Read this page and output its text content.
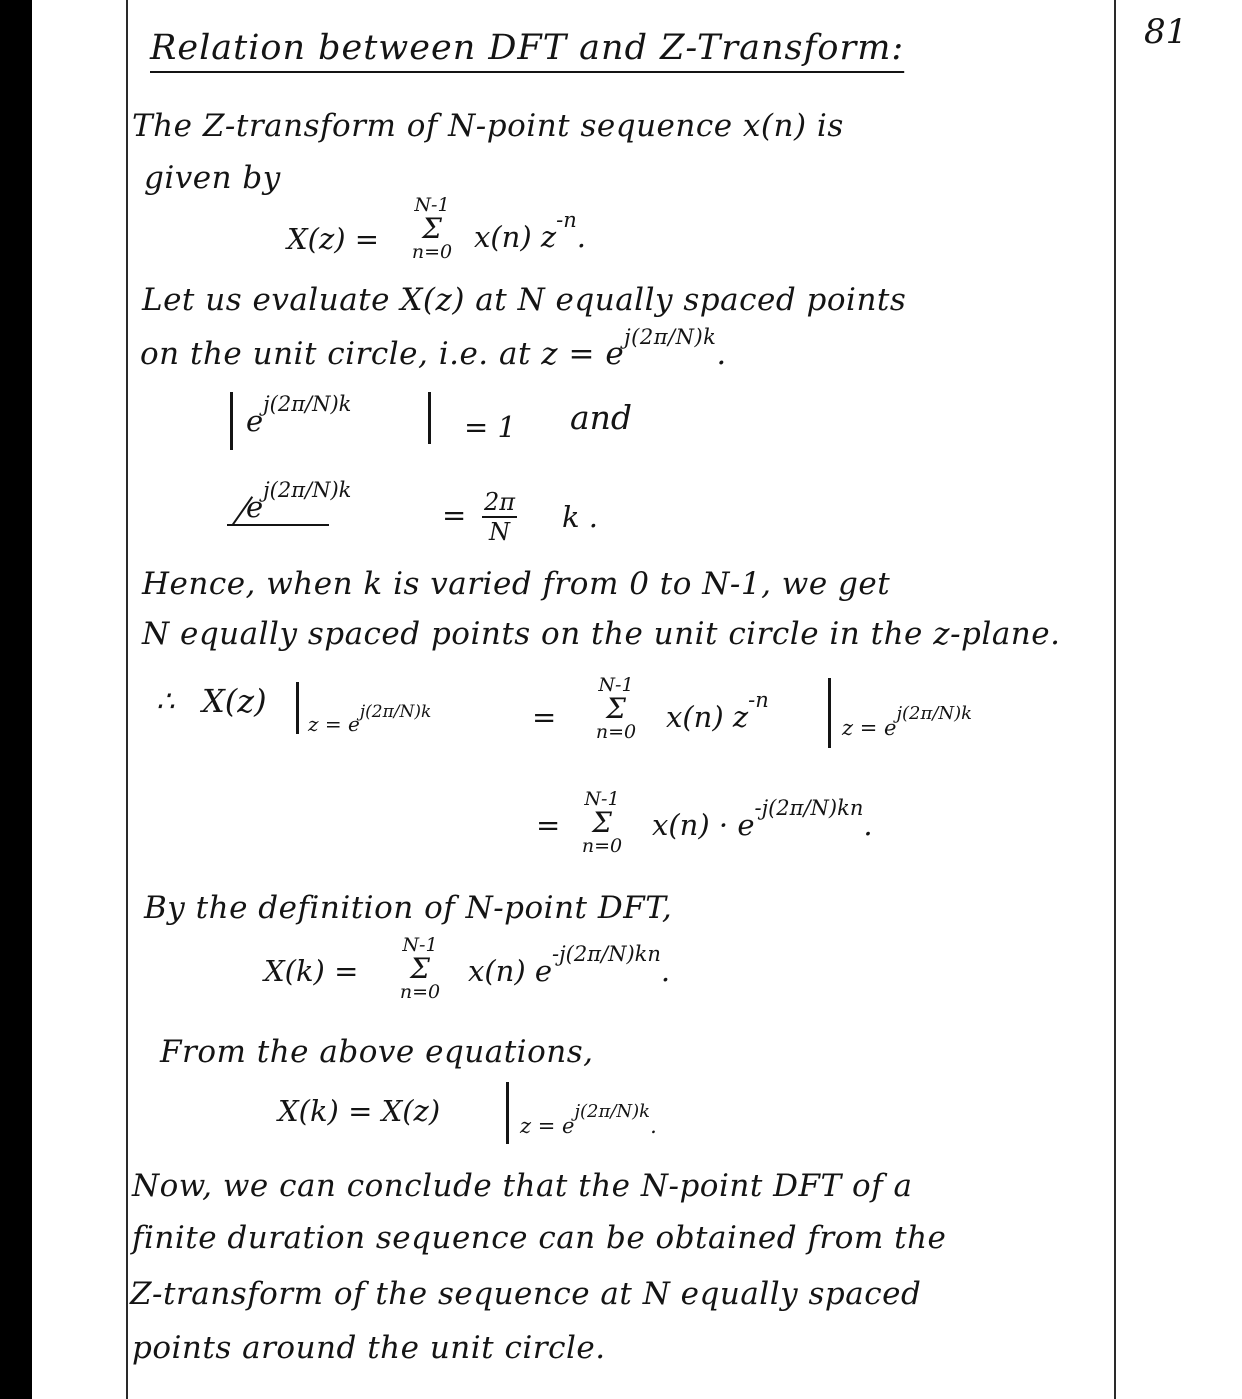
81
Relation between DFT and Z-Transform:
The Z-transform of N-point sequence x(n) is
given by
X(z) =
N-1
Σ
n=0 x(n) $z^{-n}$.
Let us evaluate X(z) at N equally spaced points
on the unit circle, i.e. at $z = e^{j(2\pi/N)k}$.
$e^{j(2\pi/N)k}$
= 1 and
$e^{j(2\pi/N)k}$
= $\frac{2\pi}{N}$ k .
Hence, when k is varied from 0 to N-1, we get
N equally spaced points on the unit circle in the z-plane.
∴ X(z)
$z = e^{j(2\pi/N)k}$	=
N-1
Σ
n=0	x(n) $z^{-n}$
z = ej(2π/N)k
=
N-1
Σ
n=0
$x(n) \cdot e^{-j(2\pi/N)kn}$.
By the definition of N-point DFT,
X(k) =
N-1
Σ
n=0
x(n) $e^{-j(2\pi/N)kn}$.
From the above equations,
X(k) = X(z)	z = ej(2π/N)k.
Now, we can conclude that the N-point DFT of a
finite duration sequence can be obtained from the
Z-transform of the sequence at N equally spaced
points around the unit circle.
